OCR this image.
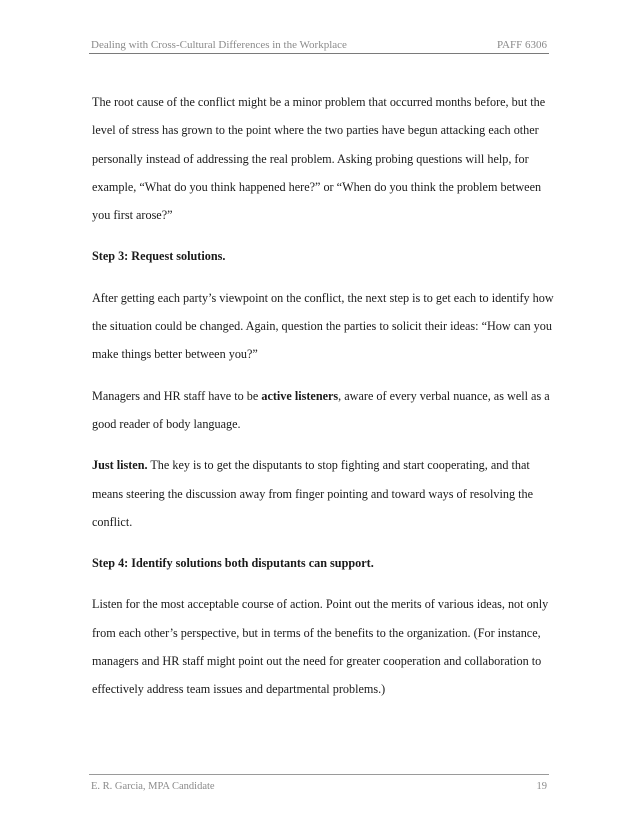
Dealing with Cross-Cultural Differences in the Workplace	PAFF 6306

The root cause of the conflict might be a minor problem that occurred months before, but the level of stress has grown to the point where the two parties have begun attacking each other personally instead of addressing the real problem. Asking probing questions will help, for example, “What do you think happened here?” or “When do you think the problem between you first arose?”

Step 3: Request solutions.

After getting each party’s viewpoint on the conflict, the next step is to get each to identify how the situation could be changed. Again, question the parties to solicit their ideas: “How can you make things better between you?”

Managers and HR staff have to be active listeners, aware of every verbal nuance, as well as a good reader of body language.

Just listen. The key is to get the disputants to stop fighting and start cooperating, and that means steering the discussion away from finger pointing and toward ways of resolving the conflict.

Step 4: Identify solutions both disputants can support.

Listen for the most acceptable course of action. Point out the merits of various ideas, not only from each other’s perspective, but in terms of the benefits to the organization. (For instance, managers and HR staff might point out the need for greater cooperation and collaboration to effectively address team issues and departmental problems.)

E. R. Garcia, MPA Candidate	19
